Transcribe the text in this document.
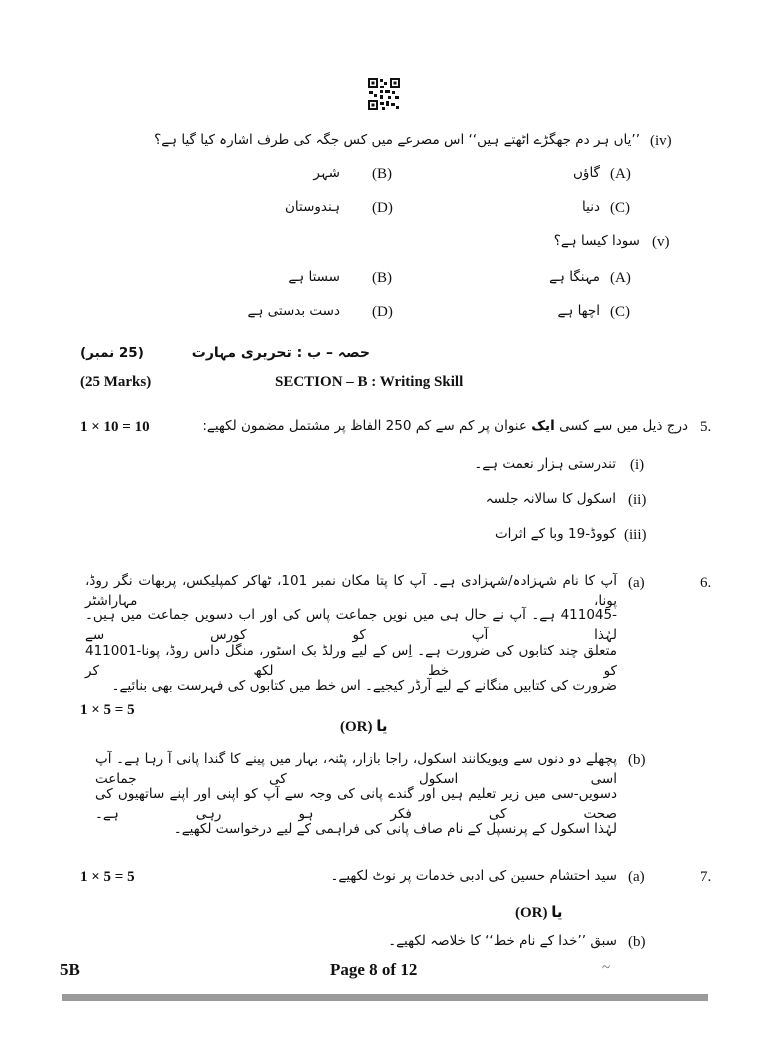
(iv)
’’یاں ہر دم جھگڑے اٹھتے ہیں‘‘ اس مصرعے میں کس جگہ کی طرف اشارہ کیا گیا ہے؟
(A)
گاؤں
(B)
شہر
(C)
دنیا
(D)
ہندوستان
(v)
سودا کیسا ہے؟
(A)
مہنگا ہے
(B)
سستا ہے
(C)
اچھا ہے
(D)
دست بدستی ہے
حصہ – ب : تحریری مہارت
(25 نمبر)
(25 Marks)	SECTION – B : Writing Skill
1 × 10 = 10	.5
درج ذیل میں سے کسی ایک عنوان پر کم سے کم 250 الفاظ پر مشتمل مضمون لکھیے:
(i)
تندرستی ہزار نعمت ہے۔
(ii)
اسکول کا سالانہ جلسہ
(iii)
کووڈ-19 وبا کے اثرات
.6
(a)
آپ کا نام شہزادہ/شہزادی ہے۔ آپ کا پتا مکان نمبر 101، ٹھاکر کمپلیکس، پربھات نگر روڈ، پونا، مہاراشٹر
-411045 ہے۔ آپ نے حال ہی میں نویں جماعت پاس کی اور اب دسویں جماعت میں ہیں۔ لہٰذا آپ کو کورس سے
متعلق چند کتابوں کی ضرورت ہے۔ اِس کے لیے ورلڈ بک اسٹور، منگل داس روڈ، پونا-411001 کو خط لکھ کر
ضرورت کی کتابیں منگانے کے لیے آرڈر کیجیے۔ اس خط میں کتابوں کی فہرست بھی بنائیے۔
1 × 5 = 5
(OR) یا
(b)
پچھلے دو دنوں سے ویویکانند اسکول، راجا بازار، پٹنہ، بہار میں پینے کا گندا پانی آ رہا ہے۔ آپ اسی اسکول کی جماعت
دسویں-سی میں زیر تعلیم ہیں اور گندے پانی کی وجہ سے آپ کو اپنی اور اپنے ساتھیوں کی صحت کی فکر ہو رہی ہے۔
لہٰذا اسکول کے پرنسپل کے نام صاف پانی کی فراہمی کے لیے درخواست لکھیے۔
.7
(a)
سید احتشام حسین کی ادبی خدمات پر نوٹ لکھیے۔
1 × 5 = 5
(OR) یا
(b)
سبق ’’خدا کے نام خط‘‘ کا خلاصہ لکھیے۔
5B	Page 8 of 12	~
